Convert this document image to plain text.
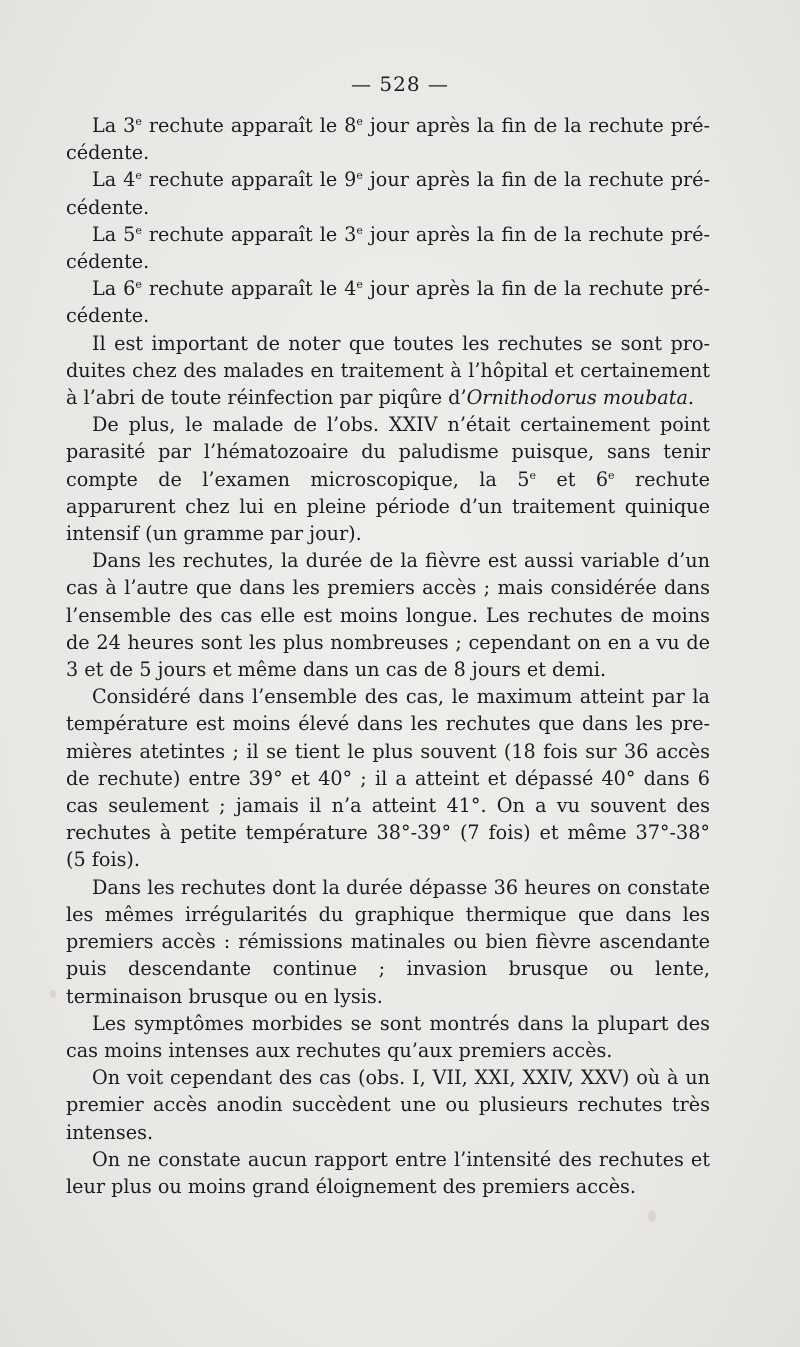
— 528 —

La 3e rechute apparaît le 8e jour après la fin de la rechute précédente.

La 4e rechute apparaît le 9e jour après la fin de la rechute précédente.

La 5e rechute apparaît le 3e jour après la fin de la rechute précédente.

La 6e rechute apparaît le 4e jour après la fin de la rechute précédente.

Il est important de noter que toutes les rechutes se sont produites chez des malades en traitement à l’hôpital et certainement à l’abri de toute réinfection par piqûre d’Ornithodorus moubata.

De plus, le malade de l’obs. XXIV n’était certainement point parasité par l’hématozoaire du paludisme puisque, sans tenir compte de l’examen microscopique, la 5e et 6e rechute apparurent chez lui en pleine période d’un traitement quinique intensif (un gramme par jour).

Dans les rechutes, la durée de la fièvre est aussi variable d’un cas à l’autre que dans les premiers accès ; mais considérée dans l’ensemble des cas elle est moins longue. Les rechutes de moins de 24 heures sont les plus nombreuses ; cependant on en a vu de 3 et de 5 jours et même dans un cas de 8 jours et demi.

Considéré dans l’ensemble des cas, le maximum atteint par la température est moins élevé dans les rechutes que dans les premières atetintes ; il se tient le plus souvent (18 fois sur 36 accès de rechute) entre 39° et 40° ; il a atteint et dépassé 40° dans 6 cas seulement ; jamais il n’a atteint 41°. On a vu souvent des rechutes à petite température 38°-39° (7 fois) et même 37°-38° (5 fois).

Dans les rechutes dont la durée dépasse 36 heures on constate les mêmes irrégularités du graphique thermique que dans les premiers accès : rémissions matinales ou bien fièvre ascendante puis descendante continue ; invasion brusque ou lente, terminaison brusque ou en lysis.

Les symptômes morbides se sont montrés dans la plupart des cas moins intenses aux rechutes qu’aux premiers accès.

On voit cependant des cas (obs. I, VII, XXI, XXIV, XXV) où à un premier accès anodin succèdent une ou plusieurs rechutes très intenses.

On ne constate aucun rapport entre l’intensité des rechutes et leur plus ou moins grand éloignement des premiers accès.
